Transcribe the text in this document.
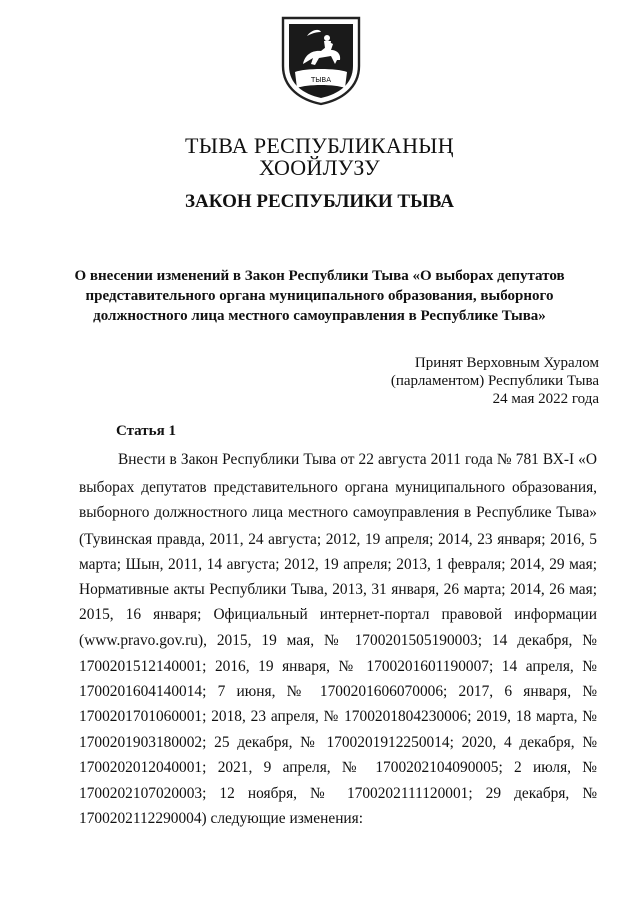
ТЫВА
ТЫВА РЕСПУБЛИКАНЫҢ
ХООЙЛУЗУ
ЗАКОН РЕСПУБЛИКИ ТЫВА
О внесении изменений в Закон Республики Тыва «О выборах депутатов
представительного органа муниципального образования, выборного
должностного лица местного самоуправления в Республике Тыва»
Принят Верховным Хуралом
(парламентом) Республики Тыва
24 мая 2022 года
Статья 1
Внести в Закон Республики Тыва от 22 августа 2011 года № 781 ВХ-I «О
выборах депутатов представительного органа муниципального образования,
выборного должностного лица местного самоуправления в Республике Тыва»
(Тувинская правда, 2011, 24 августа; 2012, 19 апреля; 2014, 23 января; 2016, 5
марта; Шын, 2011, 14 августа; 2012, 19 апреля; 2013, 1 февраля; 2014, 29 мая;
Нормативные акты Республики Тыва, 2013, 31 января, 26 марта; 2014, 26 мая;
2015, 16 января; Официальный интернет-портал правовой информации
(www.pravo.gov.ru), 2015, 19 мая, № 1700201505190003; 14 декабря, №
1700201512140001; 2016, 19 января, № 1700201601190007; 14 апреля, №
1700201604140014; 7 июня, № 1700201606070006; 2017, 6 января, №
1700201701060001; 2018, 23 апреля, № 1700201804230006; 2019, 18 марта, №
1700201903180002; 25 декабря, № 1700201912250014; 2020, 4 декабря, №
1700202012040001; 2021, 9 апреля, № 1700202104090005; 2 июля, №
1700202107020003; 12 ноября, № 1700202111120001; 29 декабря, №
1700202112290004) следующие изменения:
